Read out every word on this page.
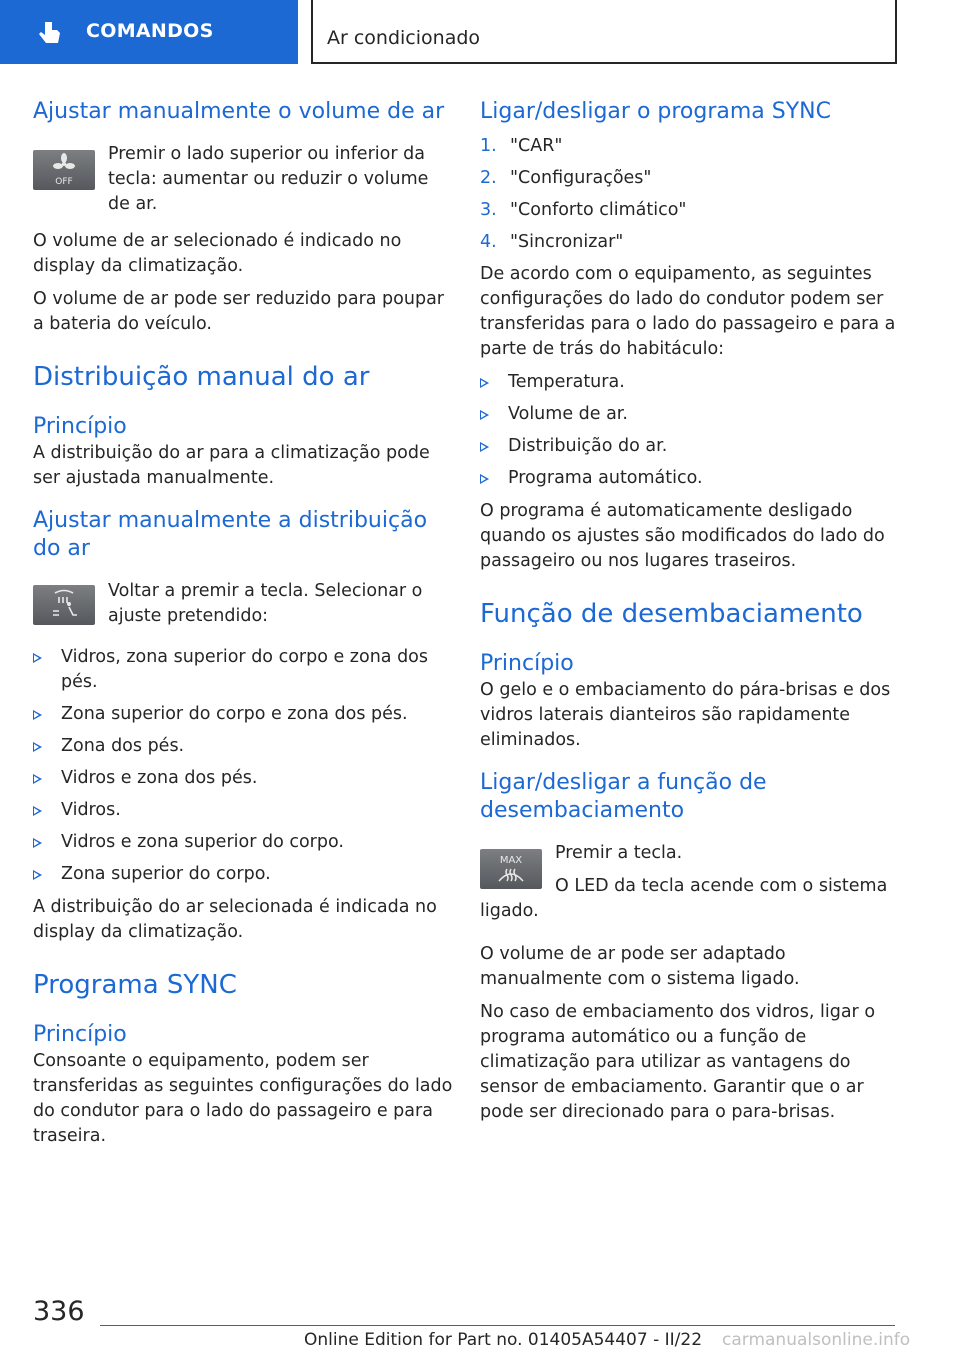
COMANDOS	Ar condicionado
Ajustar manualmente o volume de ar
OFF

Premir o lado superior ou inferior da tecla: aumentar ou reduzir o volume de ar.

O volume de ar selecionado é indicado no display da climatização.

O volume de ar pode ser reduzido para poupar a bateria do veículo.

Distribuição manual do ar
Princípio

A distribuição do ar para a climatização pode ser ajustada manualmente.

Ajustar manualmente a distribuição do ar

Voltar a premir a tecla. Selecionar o ajuste pretendido:

Vidros, zona superior do corpo e zona dos pés.
Zona superior do corpo e zona dos pés.
Zona dos pés.
Vidros e zona dos pés.
Vidros.
Vidros e zona superior do corpo.
Zona superior do corpo.

A distribuição do ar selecionada é indicada no display da climatização.

Programa SYNC
Princípio

Consoante o equipamento, podem ser transferidas as seguintes configurações do lado do condutor para o lado do passageiro e para traseira.

Ligar/desligar o programa SYNC
1. "CAR"
2. "Configurações"
3. "Conforto climático"
4. "Sincronizar"

De acordo com o equipamento, as seguintes configurações do lado do condutor podem ser transferidas para o lado do passageiro e para a parte de trás do habitáculo:

Temperatura.
Volume de ar.
Distribuição do ar.
Programa automático.

O programa é automaticamente desligado quando os ajustes são modificados do lado do passageiro ou nos lugares traseiros.

Função de desembaciamento
Princípio

O gelo e o embaciamento do pára-brisas e dos vidros laterais dianteiros são rapidamente eliminados.

Ligar/desligar a função de desembaciamento
MAX	Premir a tecla.

O LED da tecla acende com o sistema ligado.

O volume de ar pode ser adaptado manualmente com o sistema ligado.

No caso de embaciamento dos vidros, ligar o programa automático ou a função de climatização para utilizar as vantagens do sensor de embaciamento. Garantir que o ar pode ser direcionado para o para-brisas.

336
Online Edition for Part no. 01405A54407 - II/22 carmanualsonline.info
